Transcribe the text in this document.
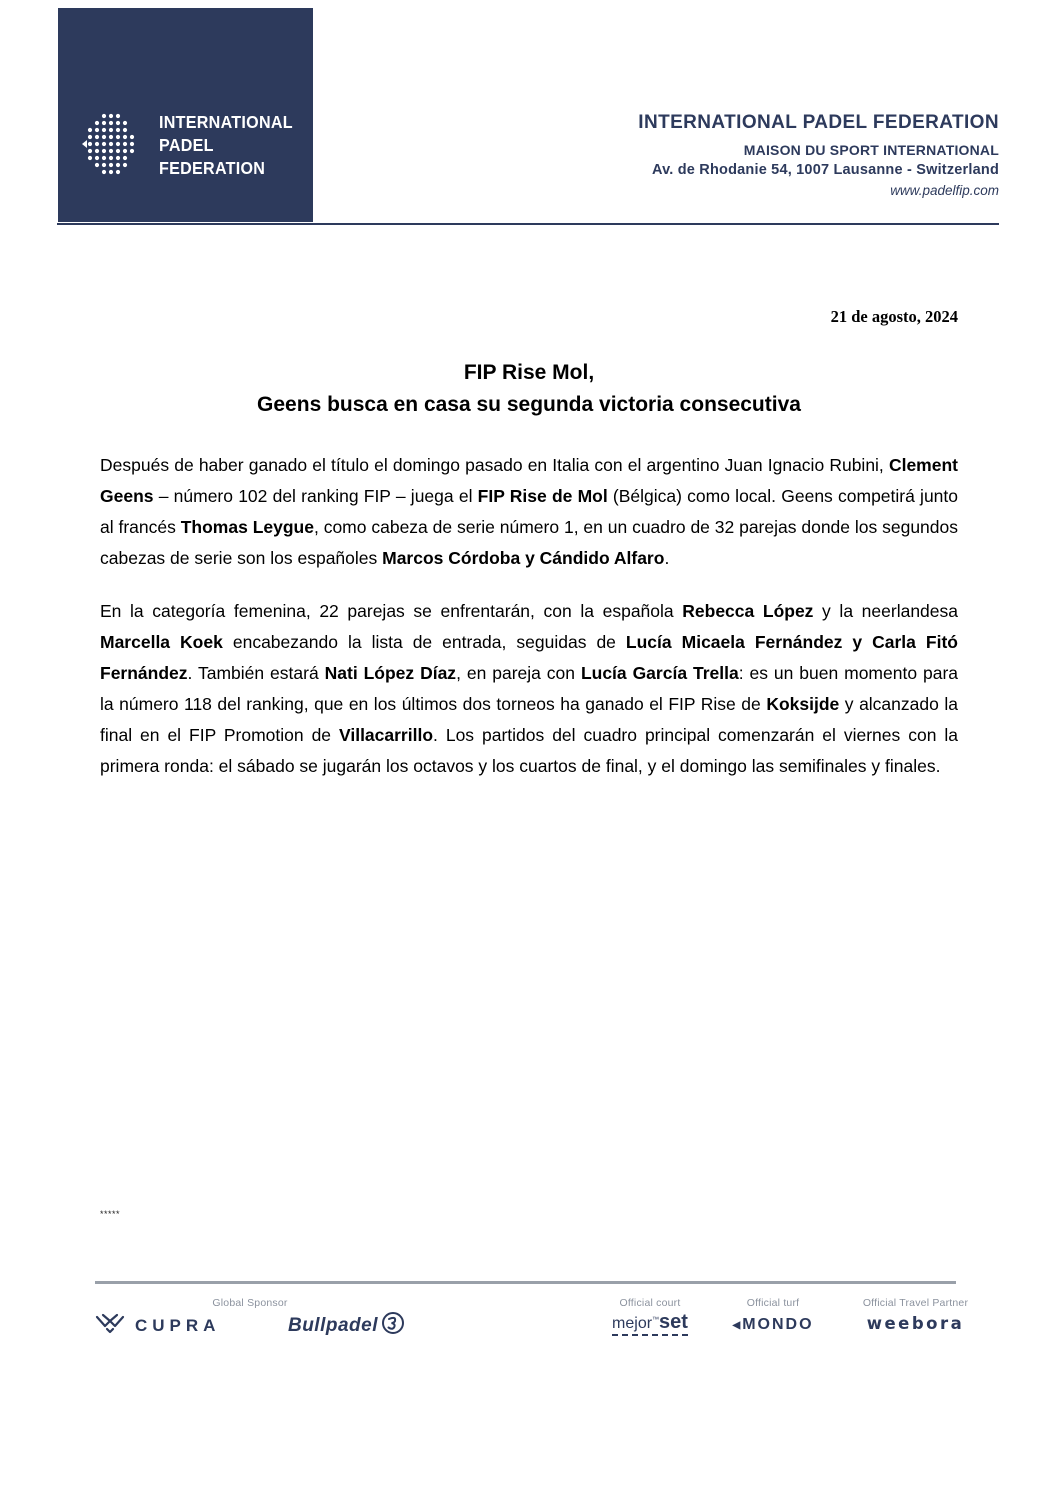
INTERNATIONAL
PADEL
FEDERATION
INTERNATIONAL PADEL FEDERATION
MAISON DU SPORT INTERNATIONAL
Av. de Rhodanie 54, 1007 Lausanne - Switzerland
www.padelfip.com
21 de agosto, 2024
FIP Rise Mol,
Geens busca en casa su segunda victoria consecutiva

Después de haber ganado el título el domingo pasado en Italia con el argentino Juan Ignacio Rubini, Clement Geens – número 102 del ranking FIP – juega el FIP Rise de Mol (Bélgica) como local. Geens competirá junto al francés Thomas Leygue, como cabeza de serie número 1, en un cuadro de 32 parejas donde los segundos cabezas de serie son los españoles Marcos Córdoba y Cándido Alfaro.

En la categoría femenina, 22 parejas se enfrentarán, con la española Rebecca López y la neerlandesa Marcella Koek encabezando la lista de entrada, seguidas de Lucía Micaela Fernández y Carla Fitó Fernández. También estará Nati López Díaz, en pareja con Lucía García Trella: es un buen momento para la número 118 del ranking, que en los últimos dos torneos ha ganado el FIP Rise de Koksijde y alcanzado la final en el FIP Promotion de Villacarrillo. Los partidos del cuadro principal comenzarán el viernes con la primera ronda: el sábado se jugarán los octavos y los cuartos de final, y el domingo las semifinales y finales.

*****
Global Sponsor	Official court	Official turf	Official Travel Partner
CUPRA	Bullpadel	mejor™set	◀ MONDO	weebora
